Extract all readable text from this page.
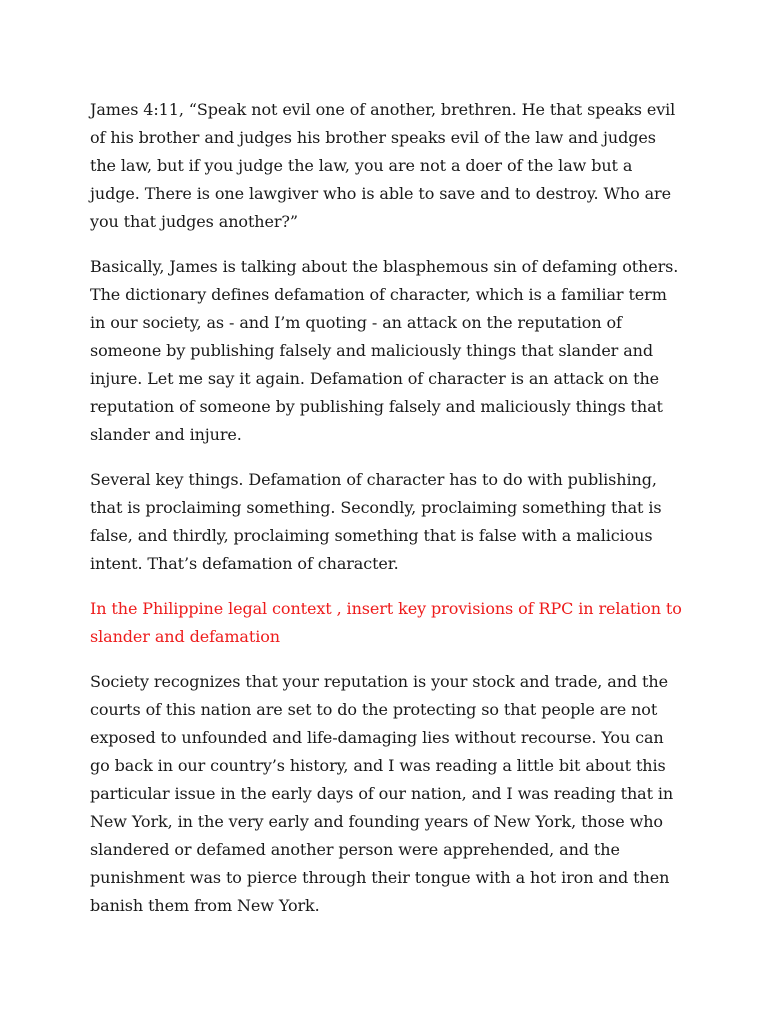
James 4:11, “Speak not evil one of another, brethren. He that speaks evil of his brother and judges his brother speaks evil of the law and judges the law, but if you judge the law, you are not a doer of the law but a judge. There is one lawgiver who is able to save and to destroy. Who are you that judges another?”

Basically, James is talking about the blasphemous sin of defaming others. The dictionary defines defamation of character, which is a familiar term in our society, as - and I’m quoting - an attack on the reputation of someone by publishing falsely and maliciously things that slander and injure. Let me say it again. Defamation of character is an attack on the reputation of someone by publishing falsely and maliciously things that slander and injure.

Several key things. Defamation of character has to do with publishing, that is proclaiming something. Secondly, proclaiming something that is false, and thirdly, proclaiming something that is false with a malicious intent. That’s defamation of character.

In the Philippine legal context , insert key provisions of RPC in relation to slander and defamation

Society recognizes that your reputation is your stock and trade, and the courts of this nation are set to do the protecting so that people are not exposed to unfounded and life-damaging lies without recourse. You can go back in our country’s history, and I was reading a little bit about this particular issue in the early days of our nation, and I was reading that in New York, in the very early and founding years of New York, those who slandered or defamed another person were apprehended, and the punishment was to pierce through their tongue with a hot iron and then banish them from New York.
